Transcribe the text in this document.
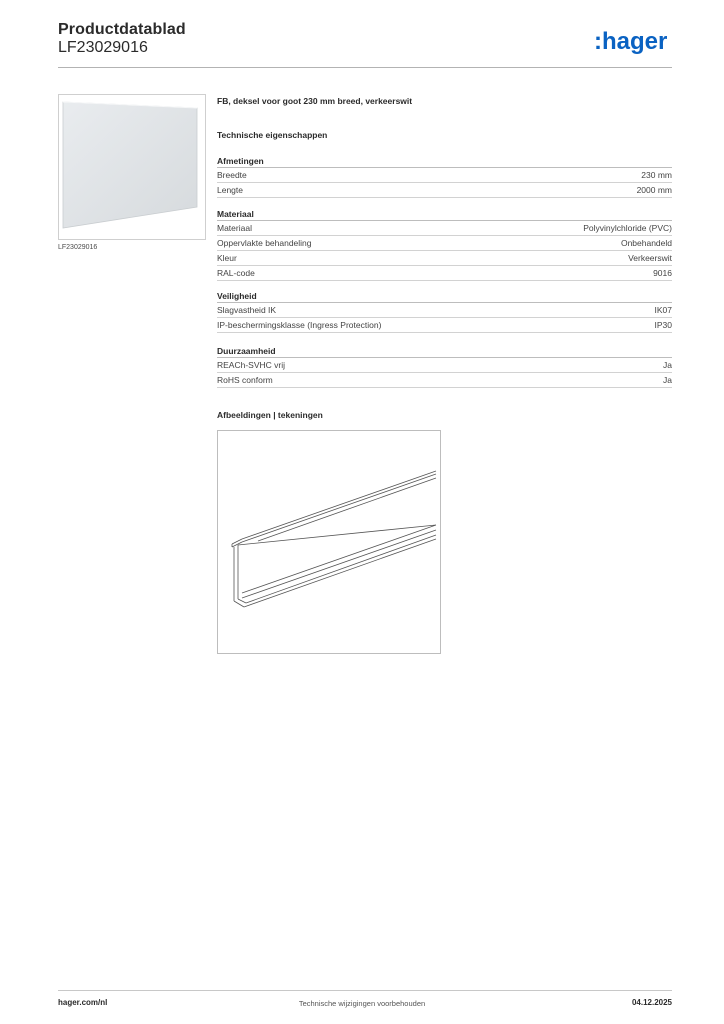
Productdatablad
LF23029016	:hager
LF23029016
FB, deksel voor goot 230 mm breed, verkeerswit
Technische eigenschappen
Afmetingen
Breedte	230 mm
Lengte	2000 mm
Materiaal
Materiaal	Polyvinylchloride (PVC)
Oppervlakte behandeling	Onbehandeld
Kleur	Verkeerswit
RAL-code	9016
Veiligheid
Slagvastheid IK	IK07
IP-beschermingsklasse (Ingress Protection)	IP30
Duurzaamheid
REACh-SVHC vrij	Ja
RoHS conform	Ja
Afbeeldingen | tekeningen
hager.com/nl	Technische wijzigingen voorbehouden	04.12.2025
